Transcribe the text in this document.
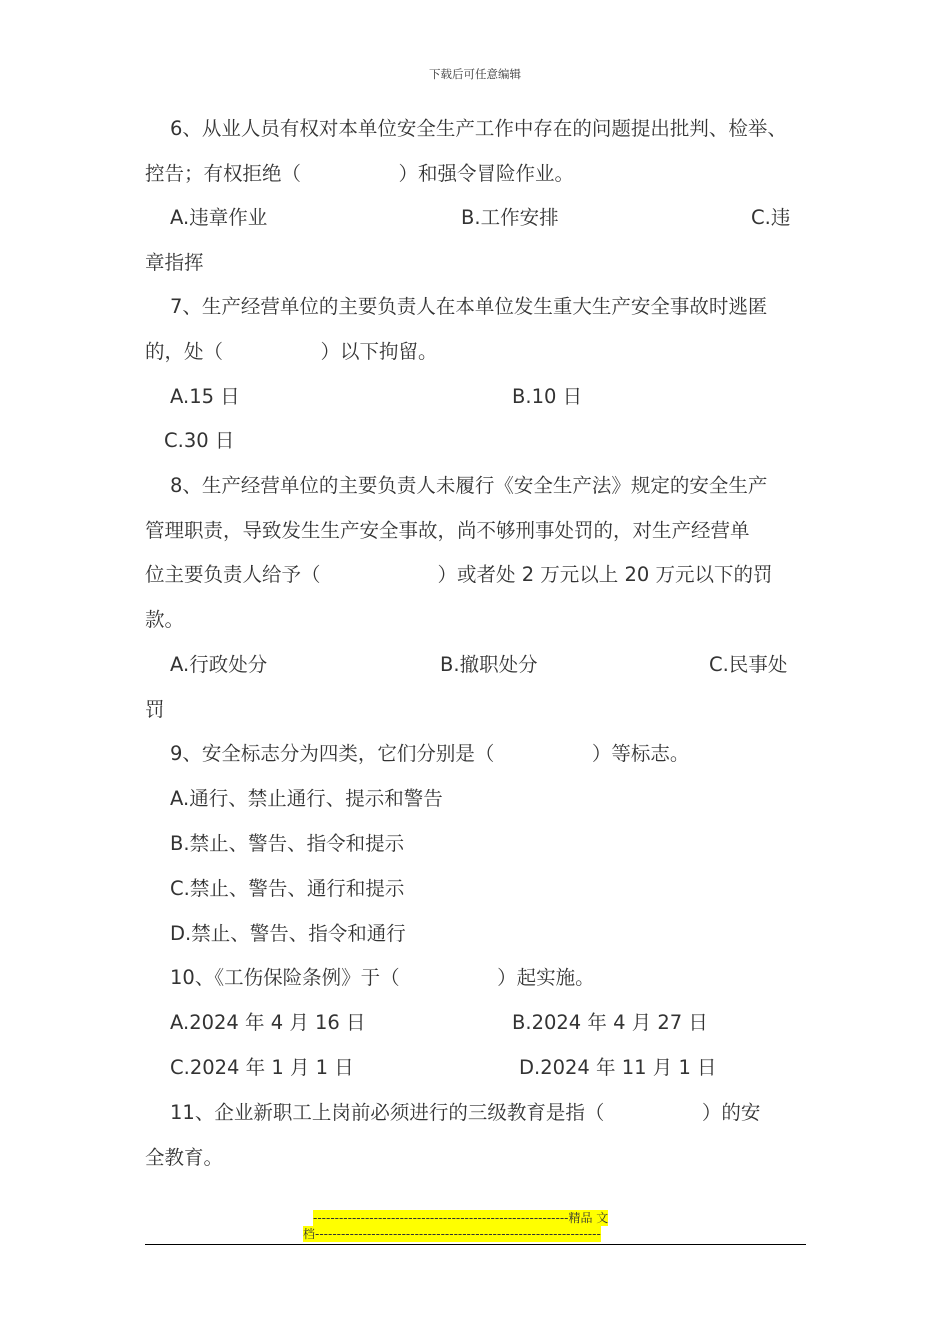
下载后可任意编辑
6、从业人员有权对本单位安全生产工作中存在的问题提出批判、检举、
控告；有权拒绝（　　　　　）和强令冒险作业。
A.违章作业	B.工作安排	C.违
章指挥
7、生产经营单位的主要负责人在本单位发生重大生产安全事故时逃匿
的，处（　　　　　）以下拘留。
A.15 日	B.10 日
C.30 日
8、生产经营单位的主要负责人未履行《安全生产法》规定的安全生产
管理职责，导致发生生产安全事故，尚不够刑事处罚的，对生产经营单
位主要负责人给予（　　　　　　）或者处 2 万元以上 20 万元以下的罚
款。
A.行政处分	B.撤职处分	C.民事处
罚
9、安全标志分为四类，它们分别是（　　　　　）等标志。
A.通行、禁止通行、提示和警告
B.禁止、警告、指令和提示
C.禁止、警告、通行和提示
D.禁止、警告、指令和通行
10、《工伤保险条例》于（　　　　　）起实施。
A.2024 年 4 月 16 日	B.2024 年 4 月 27 日
C.2024 年 1 月 1 日	D.2024 年 11 月 1 日
11、企业新职工上岗前必须进行的三级教育是指（　　　　　）的安
全教育。
-----------------------------------------------------------精品 文
档------------------------------------------------------------------
